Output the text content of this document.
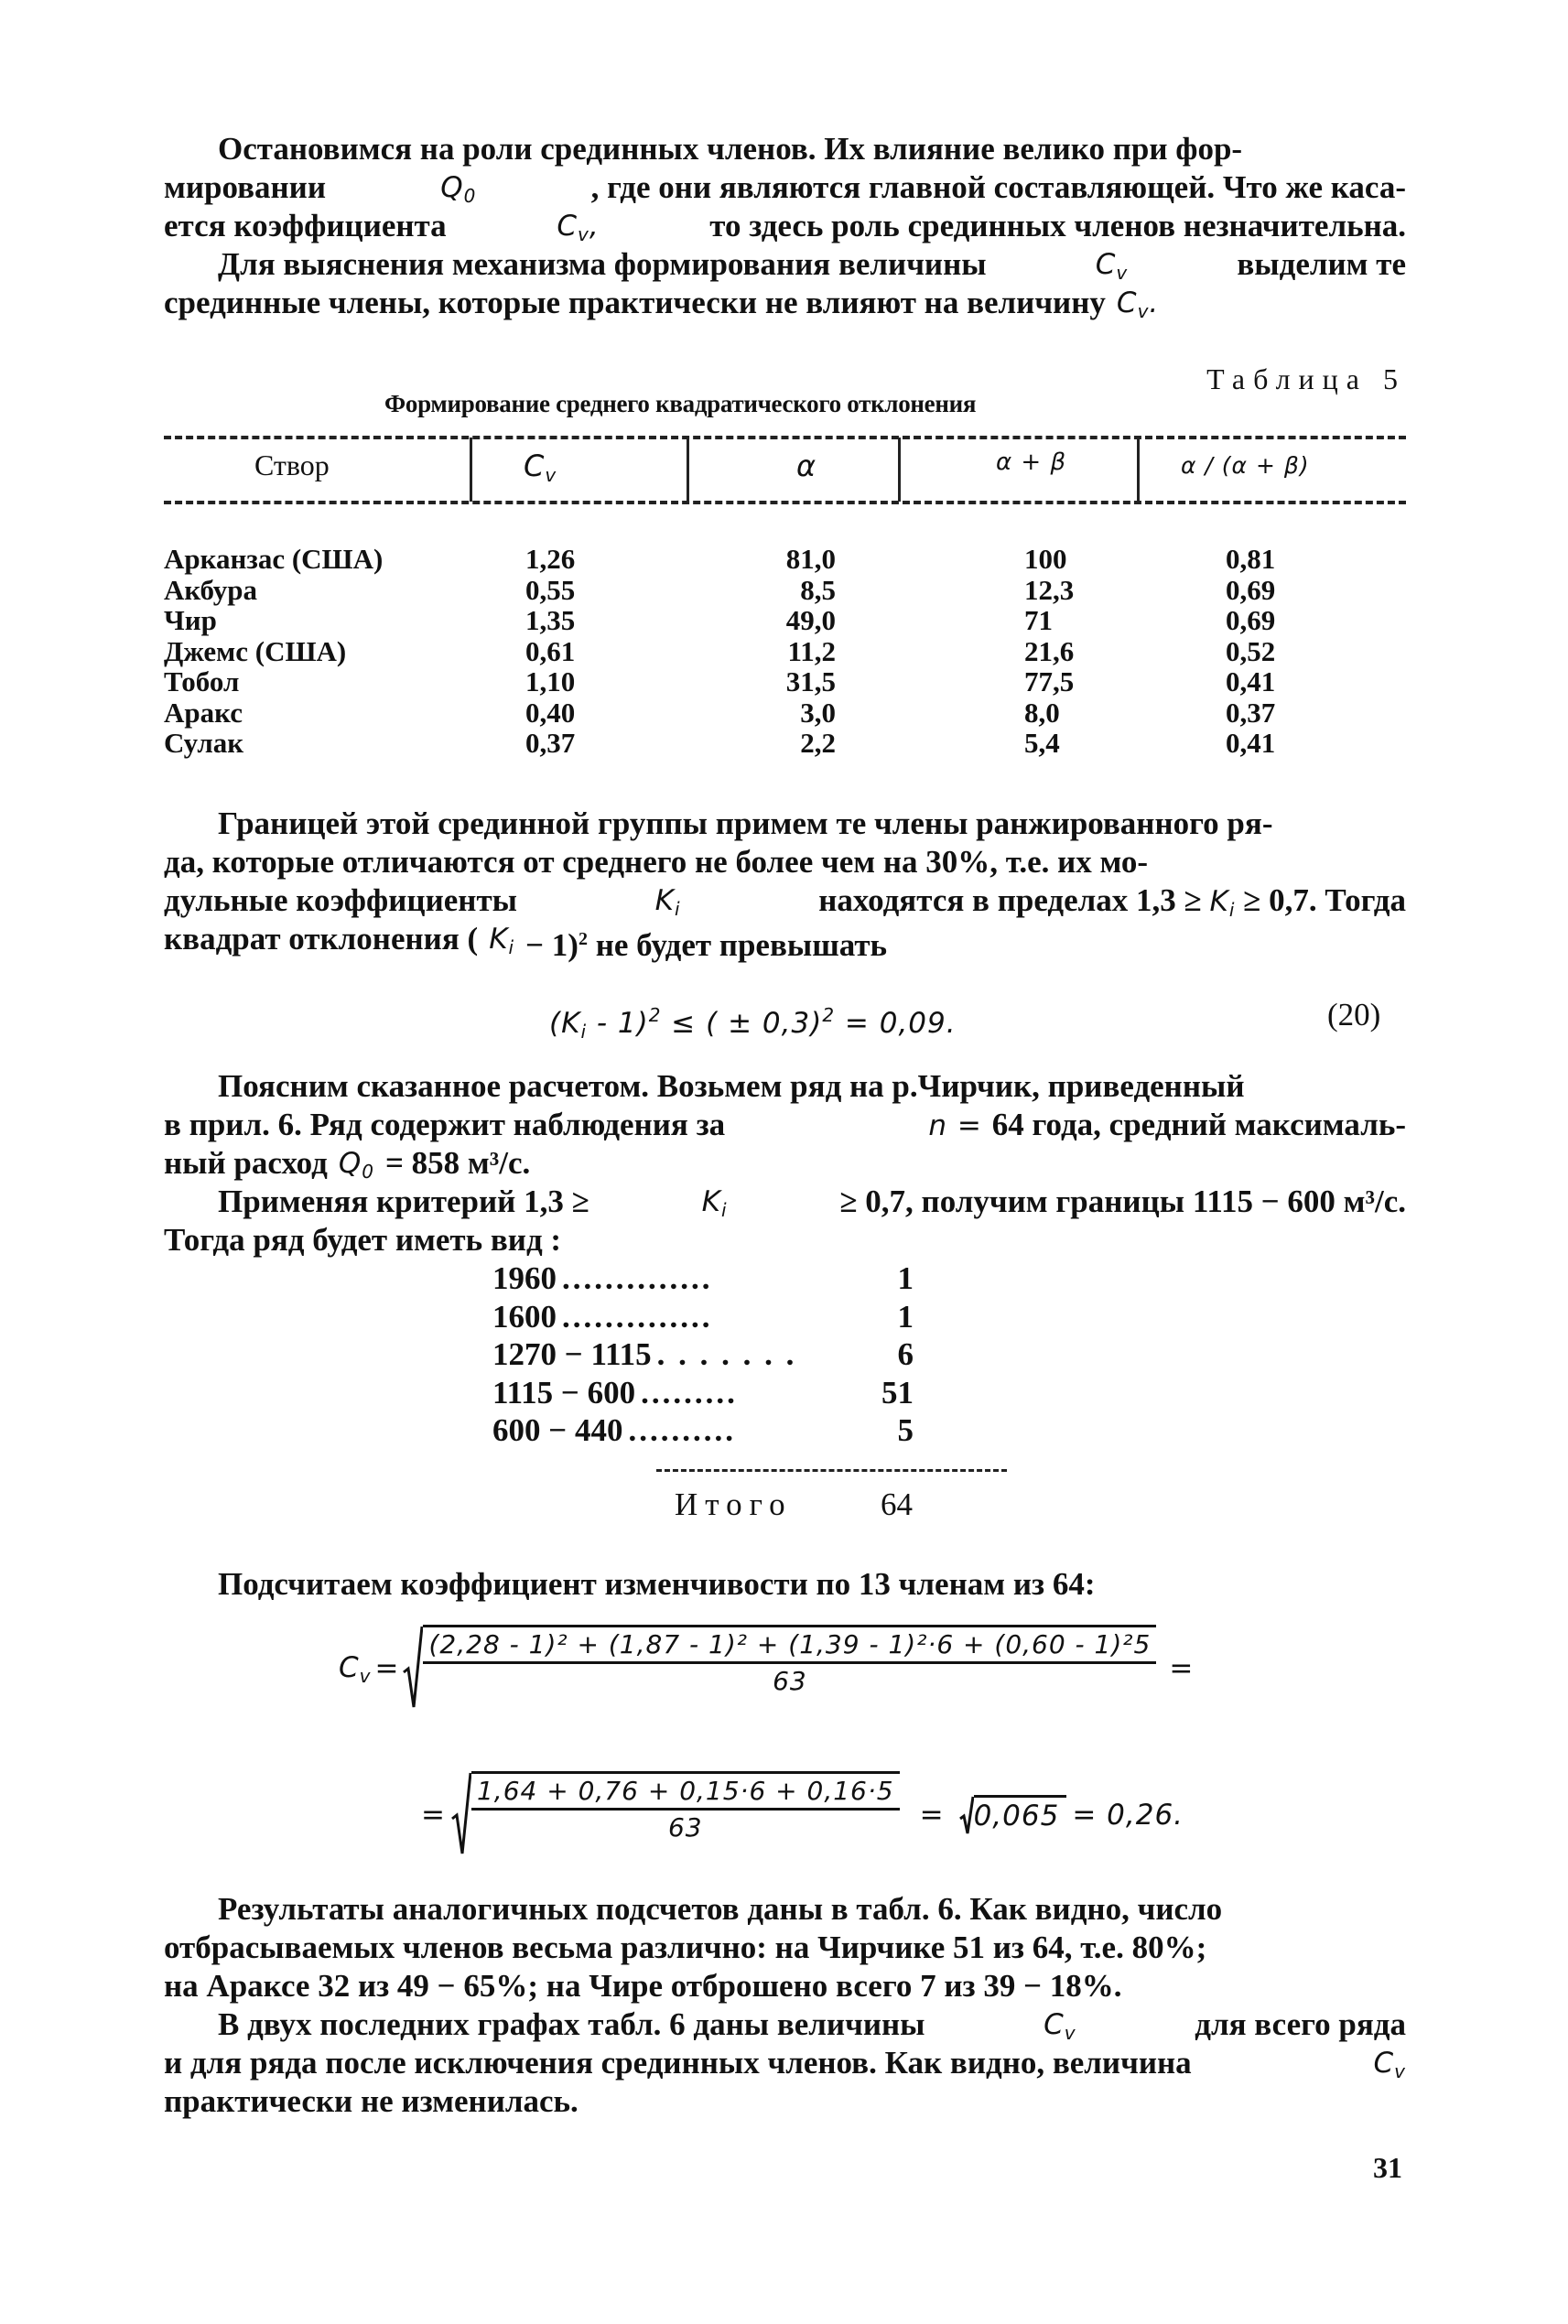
Остановимся на роли срединных членов. Их влияние велико при фор-
мировании	$Q_0$	, где они являются главной составляющей. Что же каса-
ется коэффициента	$C_v$,	то здесь роль срединных членов незначительна.
Для выяснения механизма формирования величины	$C_v$	выделим те
срединные члены, которые практически не влияют на величину $C_v$.
Таблица 5
Формирование среднего квадратического отклонения
Створ	$C_v$	α	α + β	α / (α + β)
Арканзас (США)	1,26	81,0	100	0,81
Акбура	0,55	8,5	12,3	0,69
Чир	1,35	49,0	71	0,69
Джемс (США)	0,61	11,2	21,6	0,52
Тобол	1,10	31,5	77,5	0,41
Аракс	0,40	3,0	8,0	0,37
Сулак	0,37	2,2	5,4	0,41
Границей этой срединной группы примем те члены ранжированного ря-
да, которые отличаются от среднего не более чем на 30%, т.е. их мо-
дульные коэффициенты	$K_i$	находятся в пределах $1,3 \ge K_i \ge 0,7$. Тогда
квадрат отклонения ( $K_i - 1)^2$ не будет превышать
$(K_i - 1)^2$ ≤ ( ± 0,3)$^2$ = 0,09.	(20)
Поясним сказанное расчетом. Возьмем ряд на р.Чирчик, приведенный
в прил. 6. Ряд содержит наблюдения за	n = 64 года, средний максималь-
ный расход $Q_0 = 858$ м³/с.
Применяя критерий 1,3 ≥	$K_i$	≥ 0,7, получим границы 1115 − 600 м³/с.
Тогда ряд будет иметь вид :
1960 ..............	1
1600 ..............	1
1270 − 1115 . . . . . . .	6
1115 − 600 .........	51
600 − 440 ..........	5
Итого	64
Подсчитаем коэффициент изменчивости по 13 членам из 64:
$C_v = \frac{\text{(2,28 - 1)² + (1,87 - 1)² + (1,39 - 1)²·6 + (0,60 - 1)²5}}{63}$ =
= $\frac{1,64 + 0,76 + 0,15\cdot 6 + 0,16\cdot 5}{63} = 0,065 = 0,26$.
Результаты аналогичных подсчетов даны в табл. 6. Как видно, число
отбрасываемых членов весьма различно: на Чирчике 51 из 64, т.е. 80%;
на Араксе 32 из 49 − 65%; на Чире отброшено всего 7 из 39 − 18%.
В двух последних графах табл. 6 даны величины	$C_v$	для всего ряда
и для ряда после исключения срединных членов. Как видно, величина	$C_v$
практически не изменилась.
31
